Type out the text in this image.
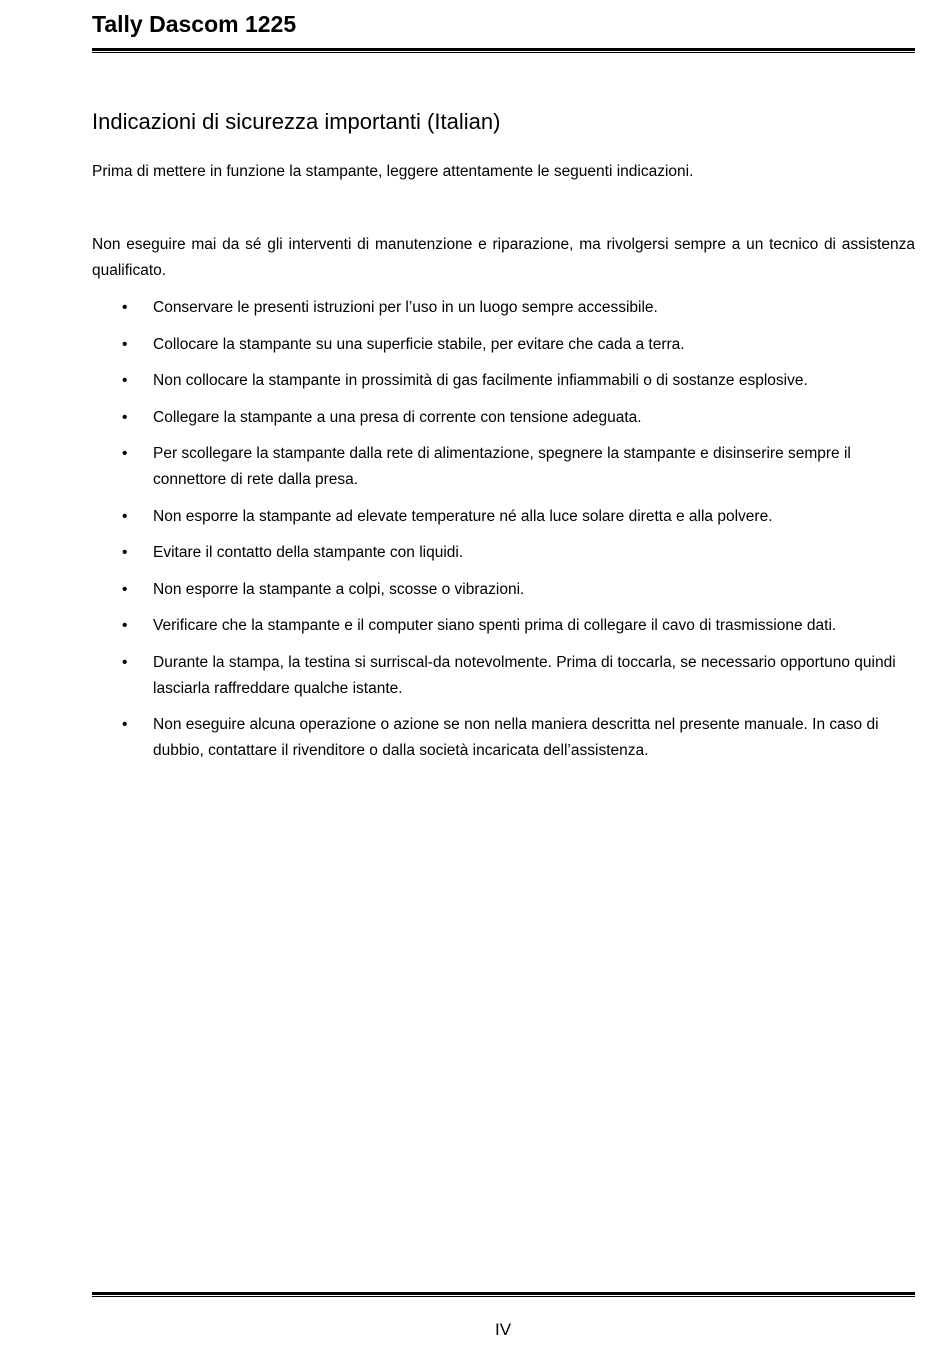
Tally Dascom 1225
Indicazioni di sicurezza importanti (Italian)

Prima di mettere in funzione la stampante, leggere attentamente le seguenti indicazioni.

Non eseguire mai da sé gli interventi di manutenzione e riparazione, ma rivolgersi sempre a un tecnico di assistenza qualificato.

• Conservare le presenti istruzioni per l’uso in un luogo sempre accessibile.
• Collocare la stampante su una superficie stabile, per evitare che cada a terra.
• Non collocare la stampante in prossimità di gas facilmente infiammabili o di sostanze esplosive.
• Collegare la stampante a una presa di corrente con tensione adeguata.
• Per scollegare la stampante dalla rete di alimentazione, spegnere la stampante e disinserire sempre il connettore di rete dalla presa.
• Non esporre la stampante ad elevate temperature né alla luce solare diretta e alla polvere.
• Evitare il contatto della stampante con liquidi.
• Non esporre la stampante a colpi, scosse o vibrazioni.
• Verificare che la stampante e il computer siano spenti prima di collegare il cavo di trasmissione dati.
• Durante la stampa, la testina si surriscal-da notevolmente. Prima di toccarla, se necessario opportuno quindi lasciarla raffreddare qualche istante.
• Non eseguire alcuna operazione o azione se non nella maniera descritta nel presente manuale. In caso di dubbio, contattare il rivenditore o dalla società incaricata dell’assistenza.
IV
